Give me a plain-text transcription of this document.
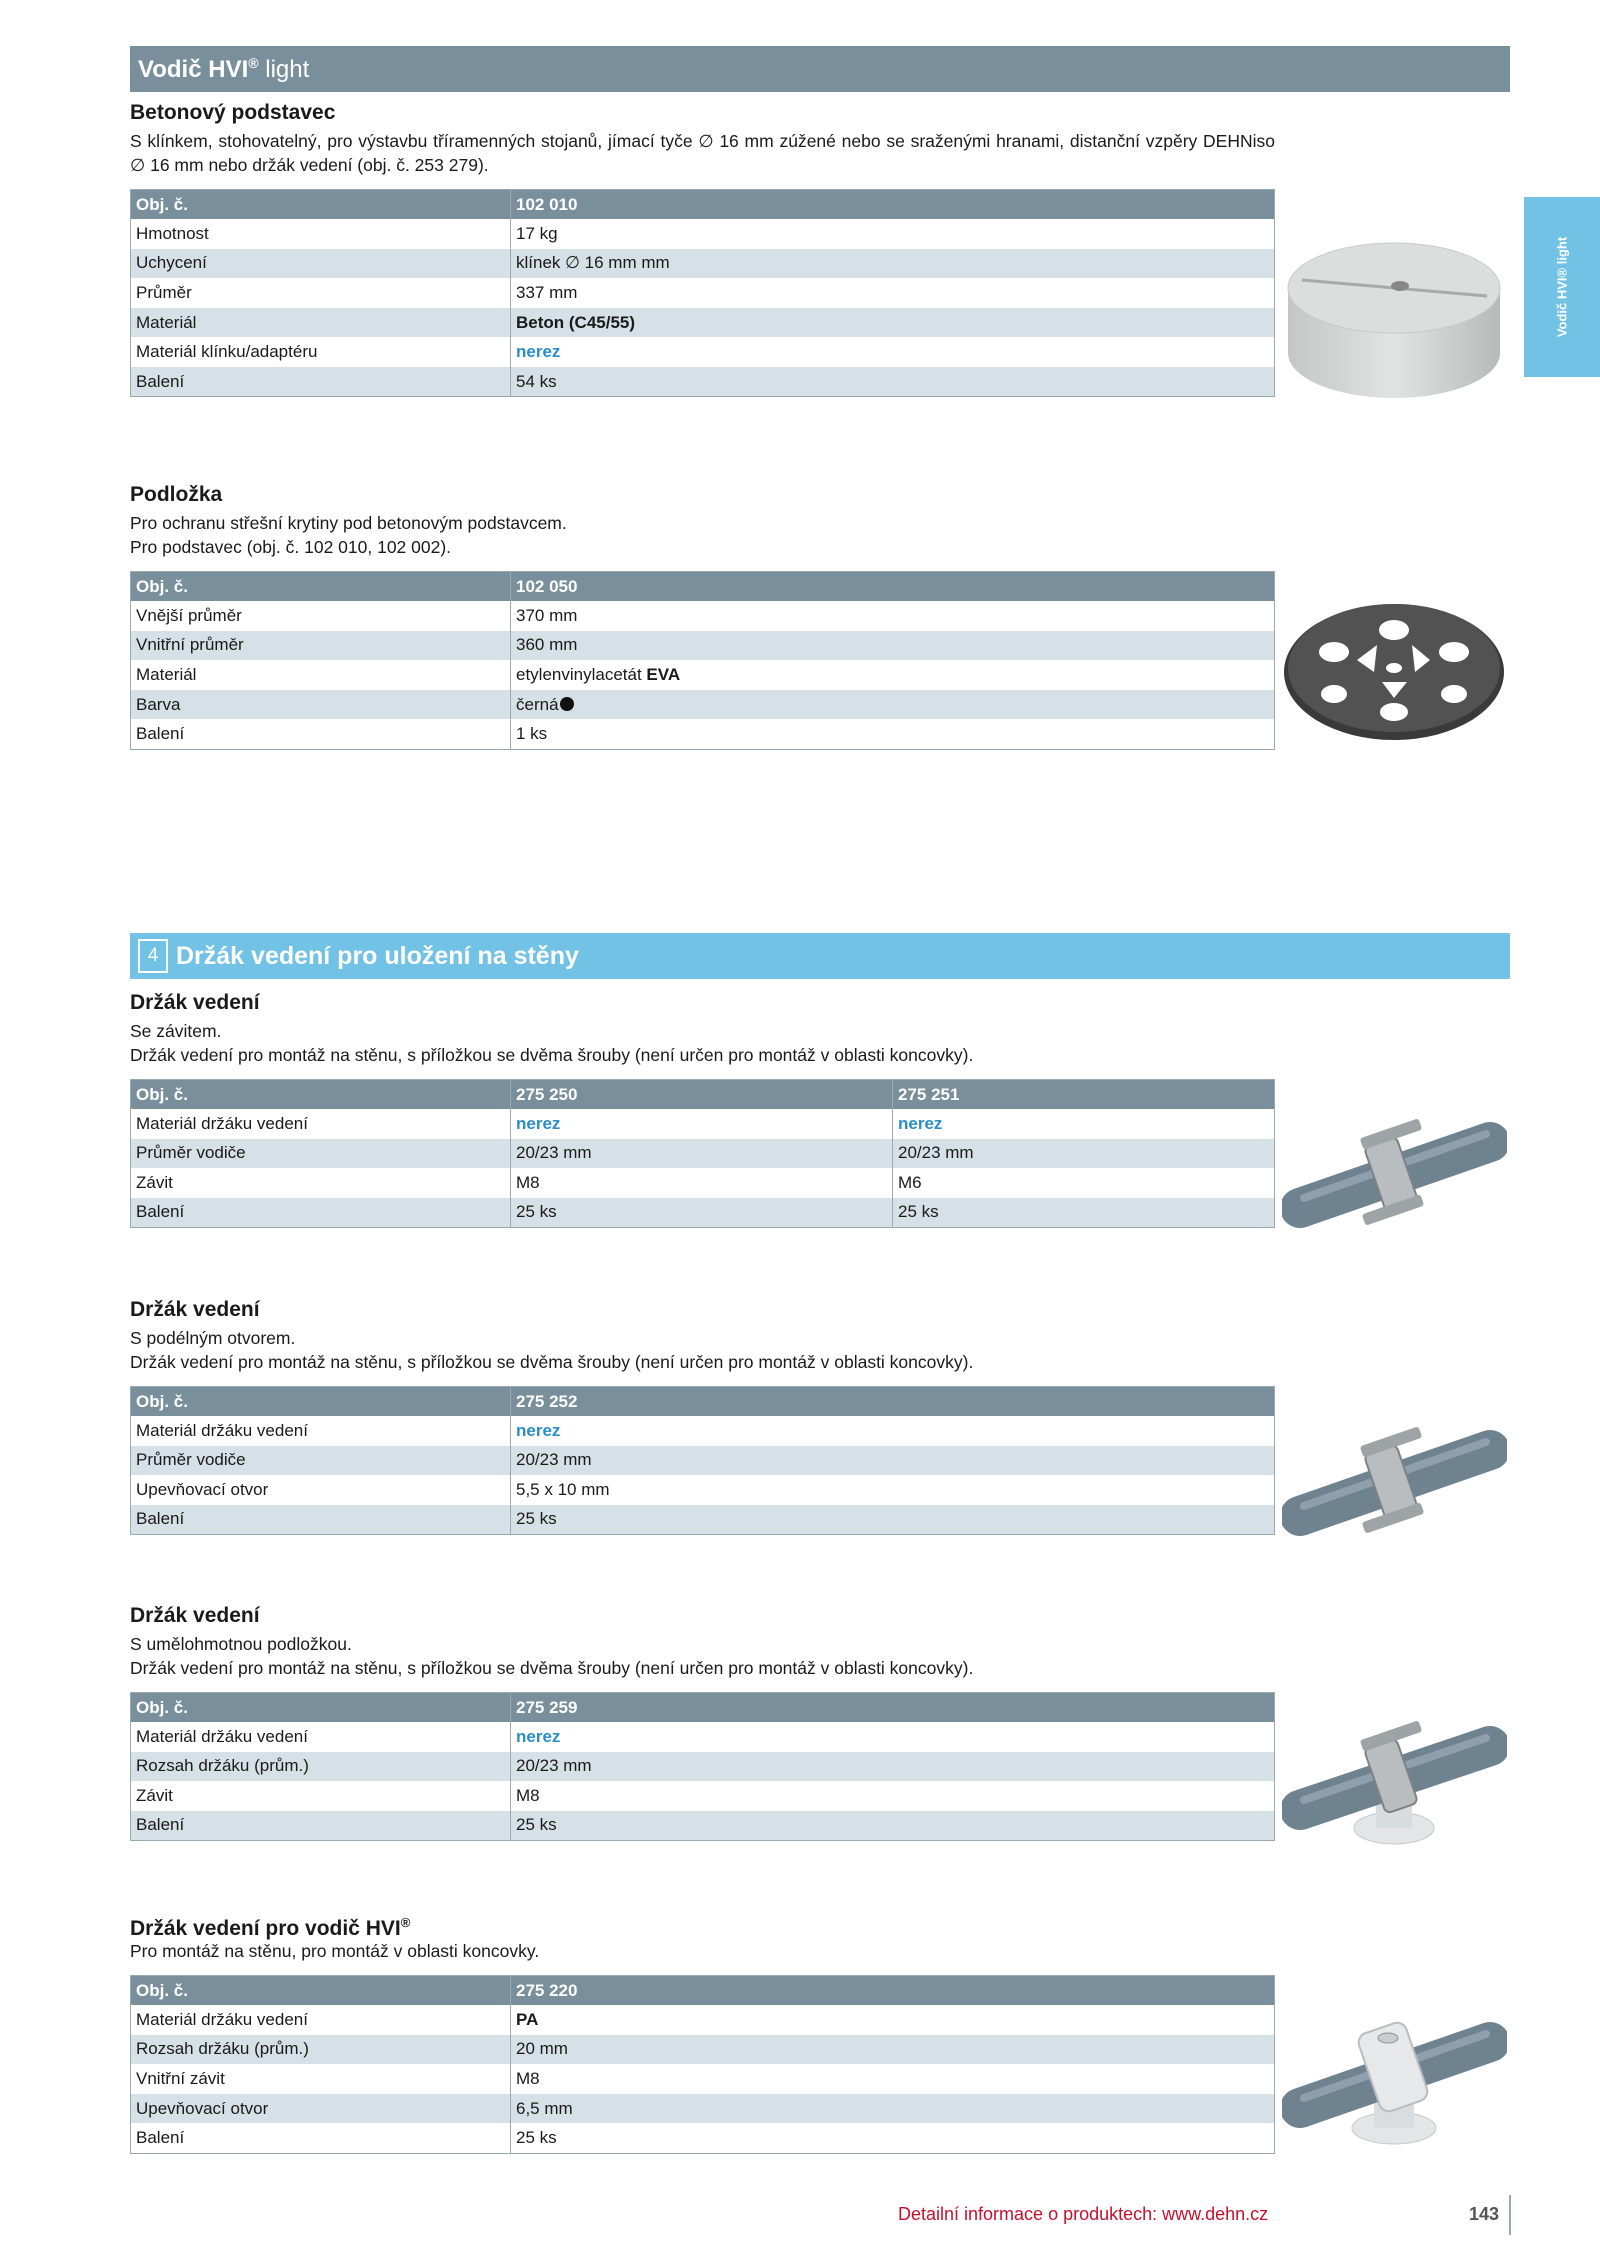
Vodič HVI® light
Vodič HVI® light
Betonový podstavec
S klínkem, stohovatelný, pro výstavbu tříramenných stojanů, jímací tyče ∅ 16 mm zúžené nebo se sraženými hranami, distanční vzpěry DEHNiso ∅ 16 mm nebo držák vedení (obj. č. 253 279).
Obj. č.	102 010
Hmotnost	17 kg
Uchycení	klínek ∅ 16 mm mm
Průměr	337 mm
Materiál	Beton (C45/55)
Materiál klínku/adaptéru	nerez
Balení	54 ks
Podložka
Pro ochranu střešní krytiny pod betonovým podstavcem.
Pro podstavec (obj. č. 102 010, 102 002).
Obj. č.	102 050
Vnější průměr	370 mm
Vnitřní průměr	360 mm
Materiál	etylenvinylacetát EVA
Barva	černá
Balení	1 ks
4 Držák vedení pro uložení na stěny
Držák vedení
Se závitem.
Držák vedení pro montáž na stěnu, s příložkou se dvěma šrouby (není určen pro montáž v oblasti koncovky).
Obj. č.	275 250	275 251
Materiál držáku vedení	nerez	nerez
Průměr vodiče	20/23 mm	20/23 mm
Závit	M8	M6
Balení	25 ks	25 ks
Držák vedení
S podélným otvorem.
Držák vedení pro montáž na stěnu, s příložkou se dvěma šrouby (není určen pro montáž v oblasti koncovky).
Obj. č.	275 252
Materiál držáku vedení	nerez
Průměr vodiče	20/23 mm
Upevňovací otvor	5,5 x 10 mm
Balení	25 ks
Držák vedení
S umělohmotnou podložkou.
Držák vedení pro montáž na stěnu, s příložkou se dvěma šrouby (není určen pro montáž v oblasti koncovky).
Obj. č.	275 259
Materiál držáku vedení	nerez
Rozsah držáku (prům.)	20/23 mm
Závit	M8
Balení	25 ks
Držák vedení pro vodič HVI®
Pro montáž na stěnu, pro montáž v oblasti koncovky.
Obj. č.	275 220
Materiál držáku vedení	PA
Rozsah držáku (prům.)	20 mm
Vnitřní závit	M8
Upevňovací otvor	6,5 mm
Balení	25 ks
Detailní informace o produktech: www.dehn.cz	143
